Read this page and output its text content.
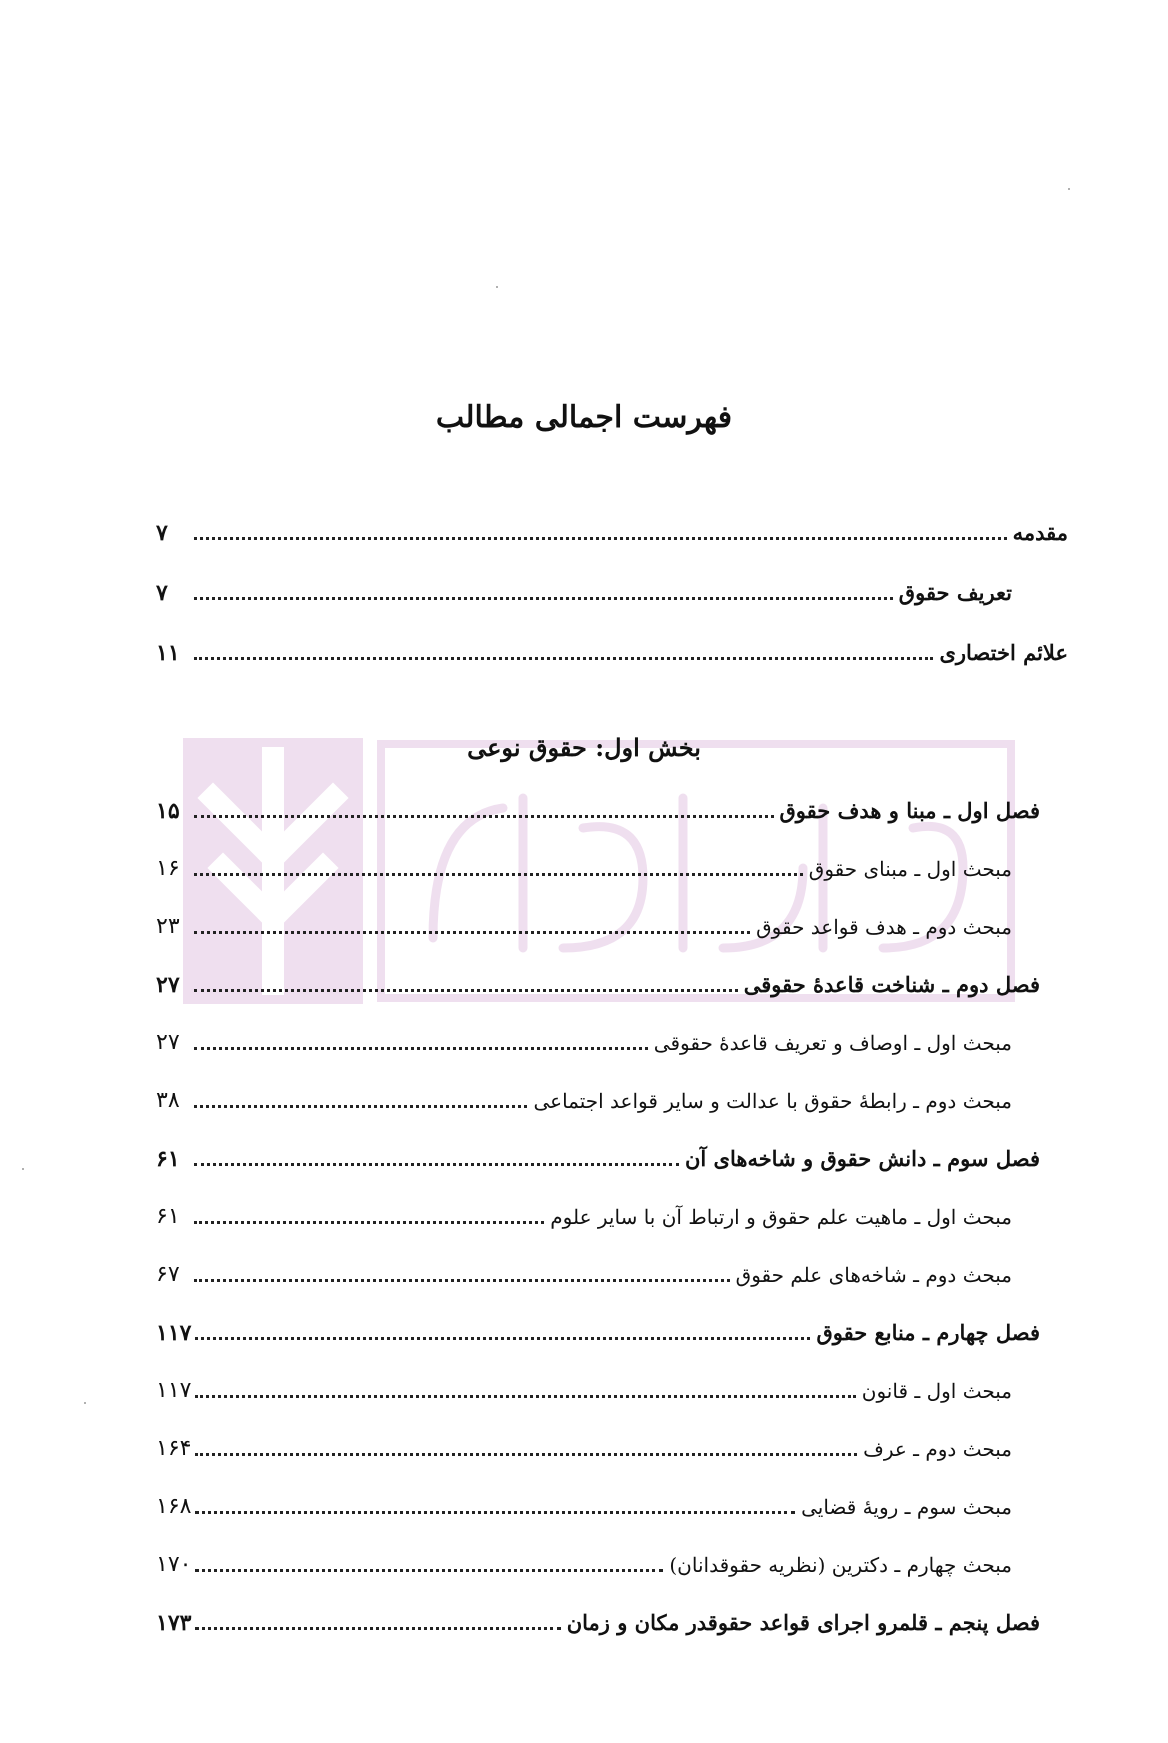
فهرست اجمالی مطالب
مقدمه
۷
تعریف حقوق
۷
علائم اختصاری
۱۱
بخش اول: حقوق نوعی
فصل اول ـ مبنا و هدف حقوق
۱۵
مبحث اول ـ مبنای حقوق
۱۶
مبحث دوم ـ هدف قواعد حقوق
۲۳
فصل دوم ـ شناخت قاعدهٔ حقوقی
۲۷
مبحث اول ـ اوصاف و تعریف قاعدهٔ حقوقی
۲۷
مبحث دوم ـ رابطهٔ حقوق با عدالت و سایر قواعد اجتماعی
۳۸
فصل سوم ـ دانش حقوق و شاخه‌های آن
۶۱
مبحث اول ـ ماهیت علم حقوق و ارتباط آن با سایر علوم
۶۱
مبحث دوم ـ شاخه‌های علم حقوق
۶۷
فصل چهارم ـ منابع حقوق
۱۱۷
مبحث اول ـ قانون
۱۱۷
مبحث دوم ـ عرف
۱۶۴
مبحث سوم ـ رویهٔ قضایی
۱۶۸
مبحث چهارم ـ دکترین (نظریه حقوقدانان)
۱۷۰
فصل پنجم ـ قلمرو اجرای قواعد حقوقدر مکان و زمان
۱۷۳
